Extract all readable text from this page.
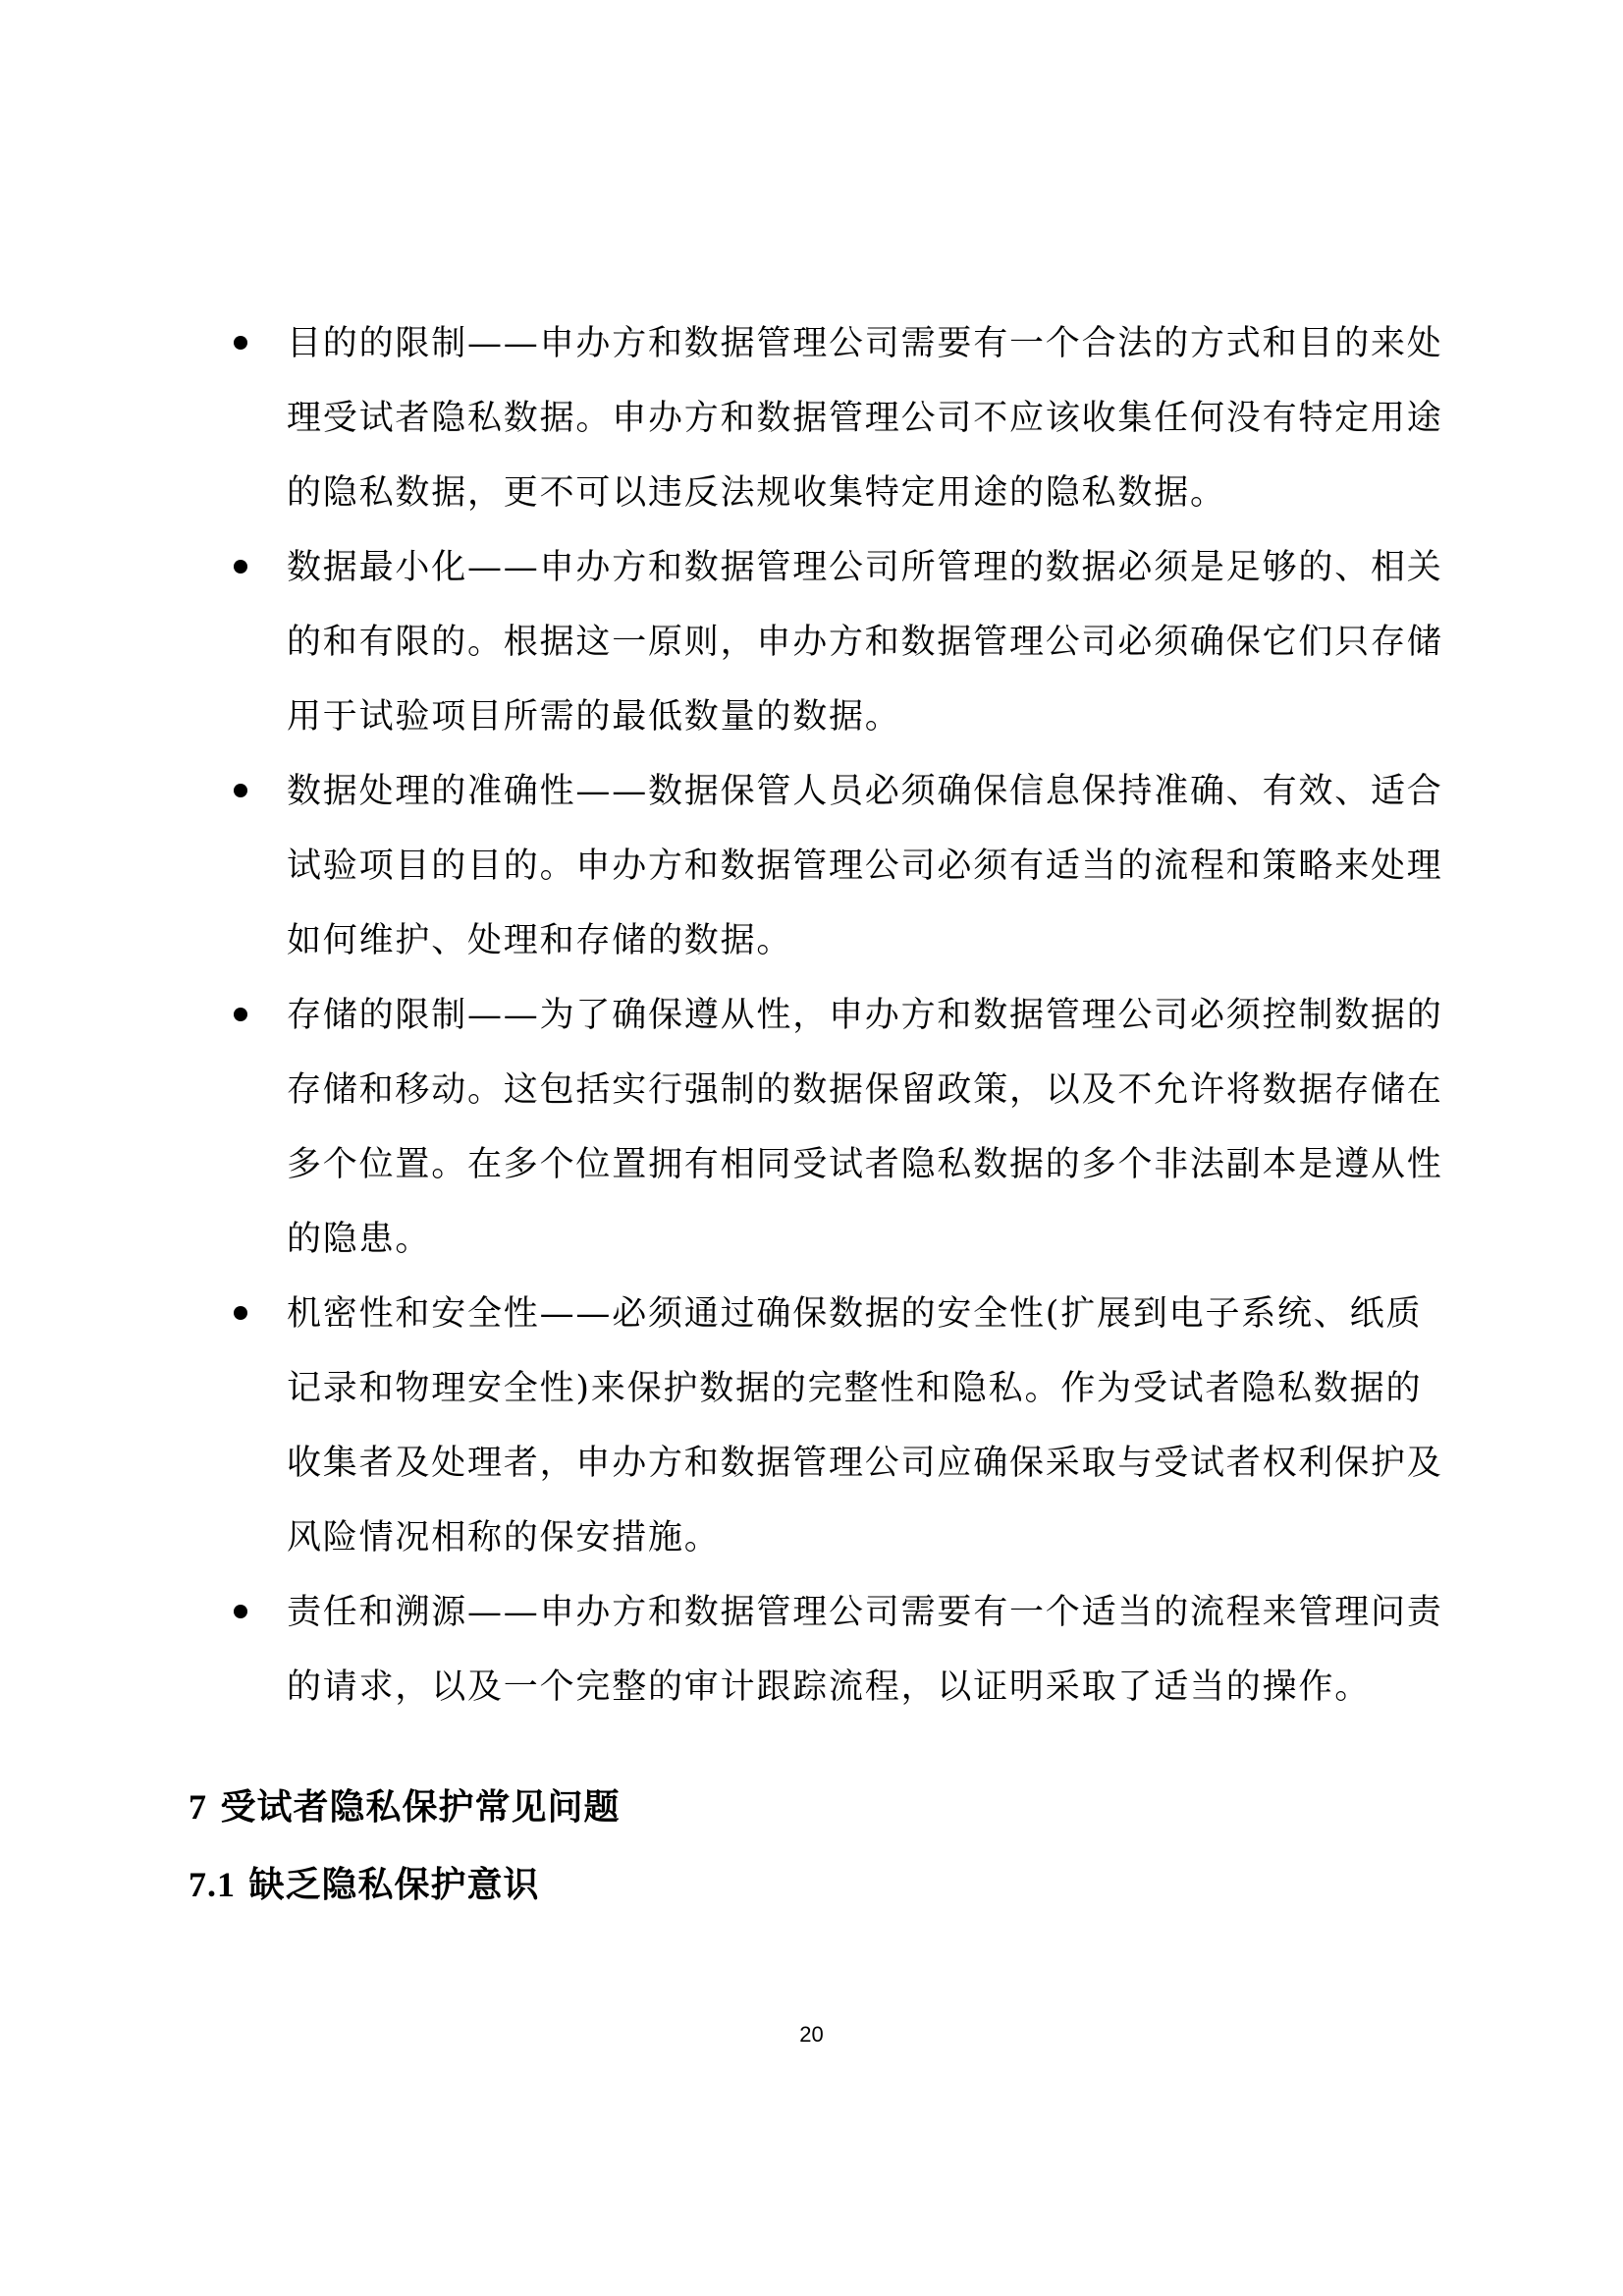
目的的限制——申办方和数据管理公司需要有一个合法的方式和目的来处理受试者隐私数据。申办方和数据管理公司不应该收集任何没有特定用途的隐私数据，更不可以违反法规收集特定用途的隐私数据。
数据最小化——申办方和数据管理公司所管理的数据必须是足够的、相关的和有限的。根据这一原则，申办方和数据管理公司必须确保它们只存储用于试验项目所需的最低数量的数据。
数据处理的准确性——数据保管人员必须确保信息保持准确、有效、适合试验项目的目的。申办方和数据管理公司必须有适当的流程和策略来处理如何维护、处理和存储的数据。
存储的限制——为了确保遵从性，申办方和数据管理公司必须控制数据的存储和移动。这包括实行强制的数据保留政策，以及不允许将数据存储在多个位置。在多个位置拥有相同受试者隐私数据的多个非法副本是遵从性的隐患。
机密性和安全性——必须通过确保数据的安全性(扩展到电子系统、纸质记录和物理安全性)来保护数据的完整性和隐私。作为受试者隐私数据的收集者及处理者，申办方和数据管理公司应确保采取与受试者权利保护及风险情况相称的保安措施。
责任和溯源——申办方和数据管理公司需要有一个适当的流程来管理问责的请求，以及一个完整的审计跟踪流程，以证明采取了适当的操作。
7 受试者隐私保护常见问题
7.1 缺乏隐私保护意识
20
